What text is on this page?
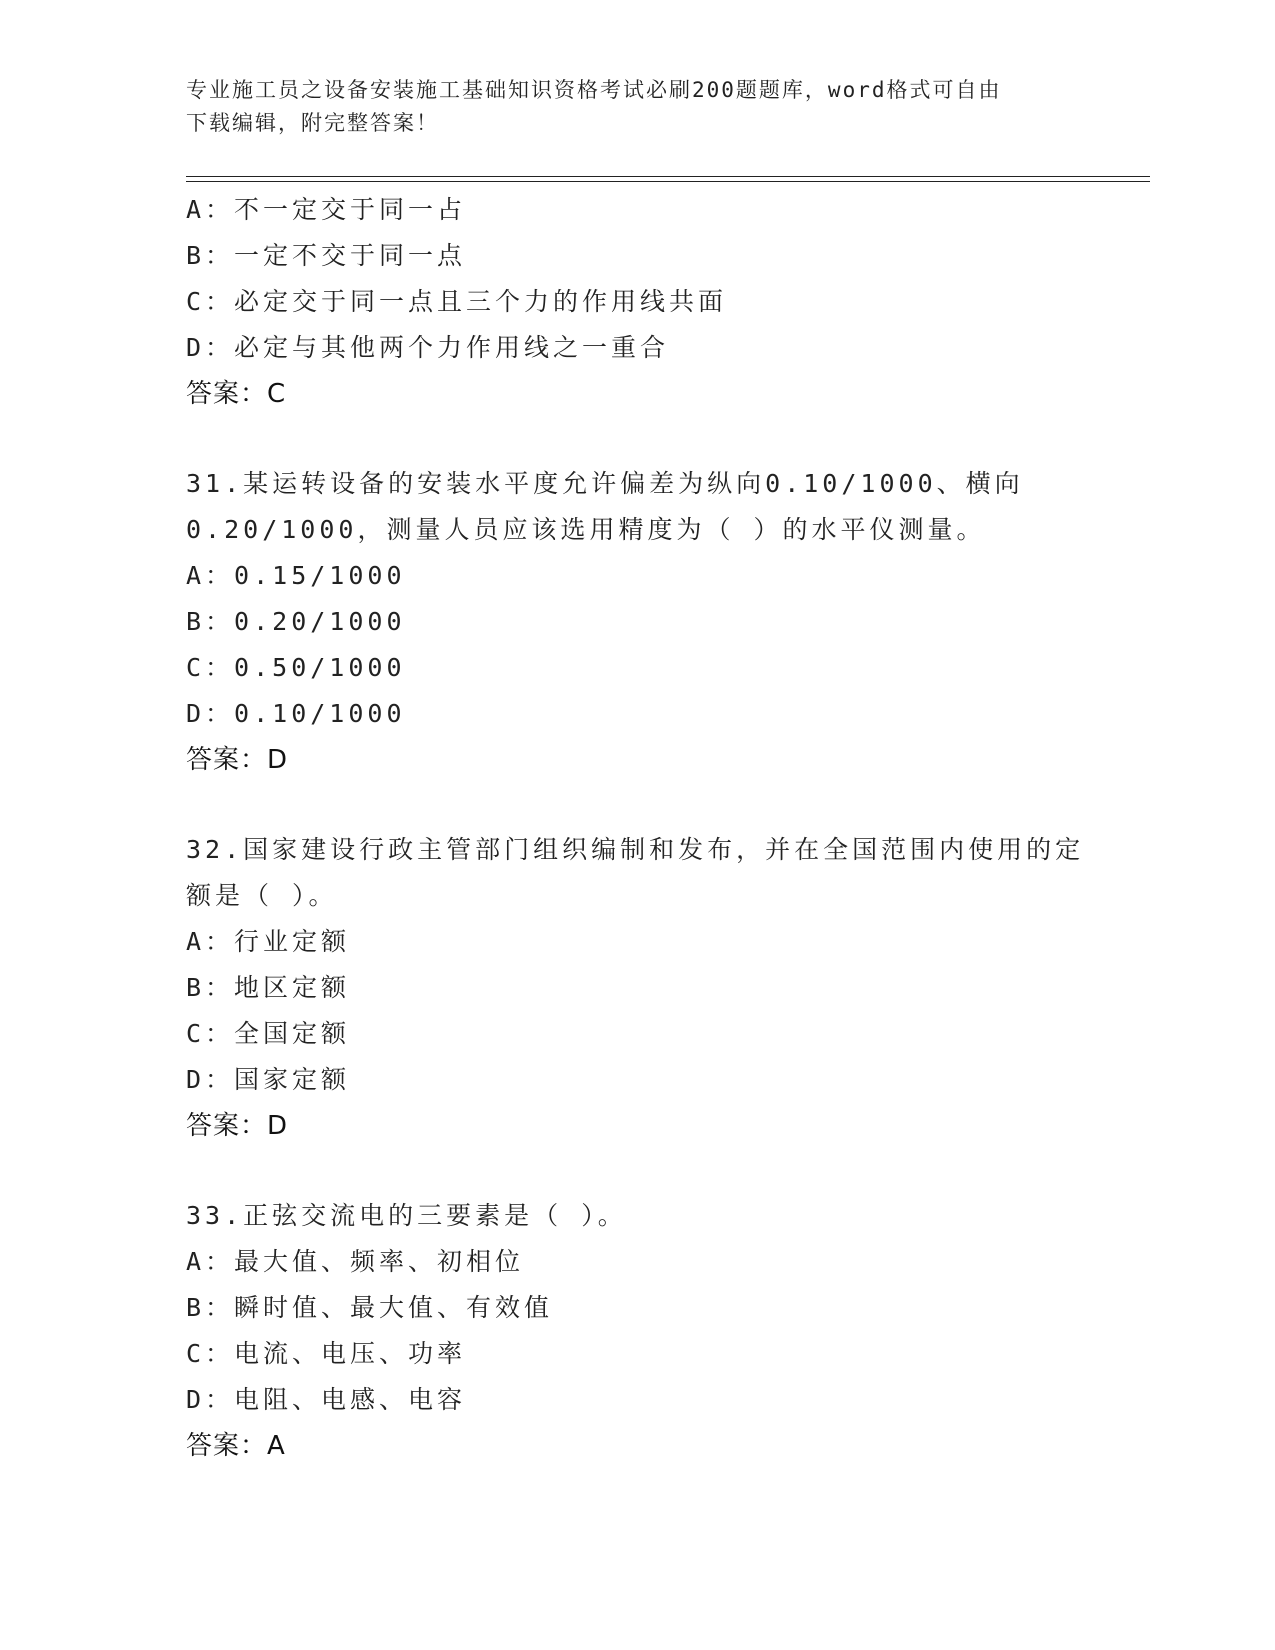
专业施工员之设备安装施工基础知识资格考试必刷200题题库，word格式可自由
下载编辑，附完整答案！
A：不一定交于同一占
B：一定不交于同一点
C：必定交于同一点且三个力的作用线共面
D：必定与其他两个力作用线之一重合
答案：C
31.某运转设备的安装水平度允许偏差为纵向0.10/1000、横向
0.20/1000，测量人员应该选用精度为（ ）的水平仪测量。
A：0.15/1000
B：0.20/1000
C：0.50/1000
D：0.10/1000
答案：D
32.国家建设行政主管部门组织编制和发布，并在全国范围内使用的定
额是（ ）。
A：行业定额
B：地区定额
C：全国定额
D：国家定额
答案：D
33.正弦交流电的三要素是（ ）。
A：最大值、频率、初相位
B：瞬时值、最大值、有效值
C：电流、电压、功率
D：电阻、电感、电容
答案：A
